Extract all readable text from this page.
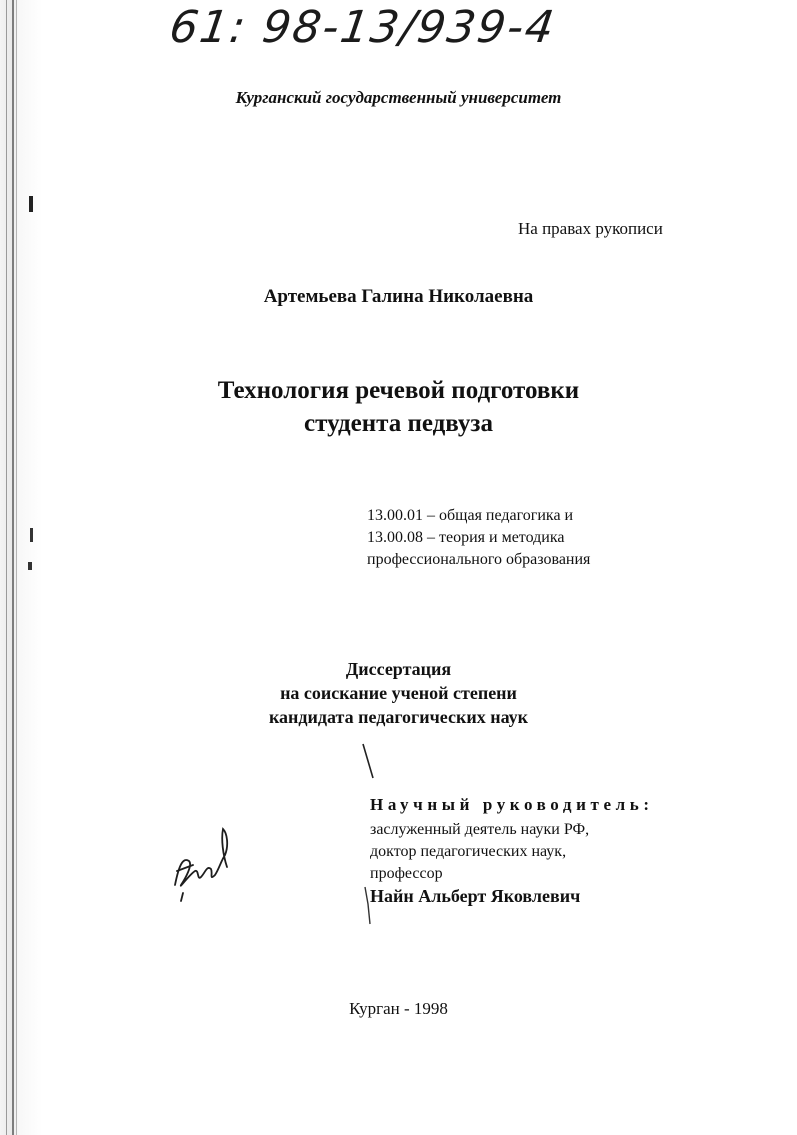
61: 98-13/939-4
Курганский государственный университет
На правах рукописи
Артемьева Галина Николаевна
Технология речевой подготовки
студента педвуза
13.00.01 – общая педагогика и
13.00.08 – теория и методика
профессионального образования
Диссертация
на соискание ученой степени
кандидата педагогических наук
Научный руководитель:
заслуженный деятель науки РФ,
доктор педагогических наук,
профессор
Найн Альберт Яковлевич
Курган - 1998
